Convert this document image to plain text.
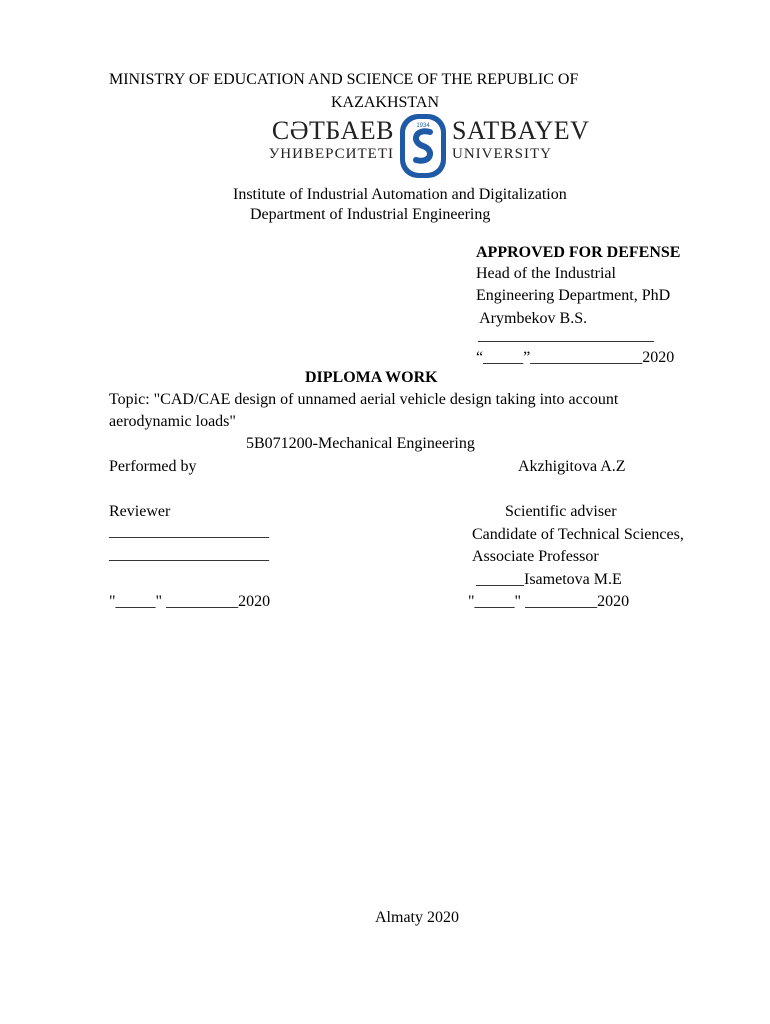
MINISTRY OF EDUCATION AND SCIENCE OF THE REPUBLIC OF
KAZAKHSTAN
СӘТБАЕВ
УНИВЕРСИТЕТІ
1934 SATBAYEV
UNIVERSITY
Institute of Industrial Automation and Digitalization
Department of Industrial Engineering
APPROVED FOR DEFENSE
Head of the Industrial
Engineering Department, PhD
Arymbekov B.S.
______________________
“_____”______________2020
DIPLOMA WORK
Topic: "CAD/CAE design of unnamed aerial vehicle design taking into account
aerodynamic loads"
5B071200-Mechanical Engineering
Performed by	Akzhigitova A.Z
Reviewer
____________________
____________________
"_____" _________2020
Scientific adviser
Candidate of Technical Sciences,
Associate Professor
______Isametova M.E
"_____" _________2020
Almaty 2020
